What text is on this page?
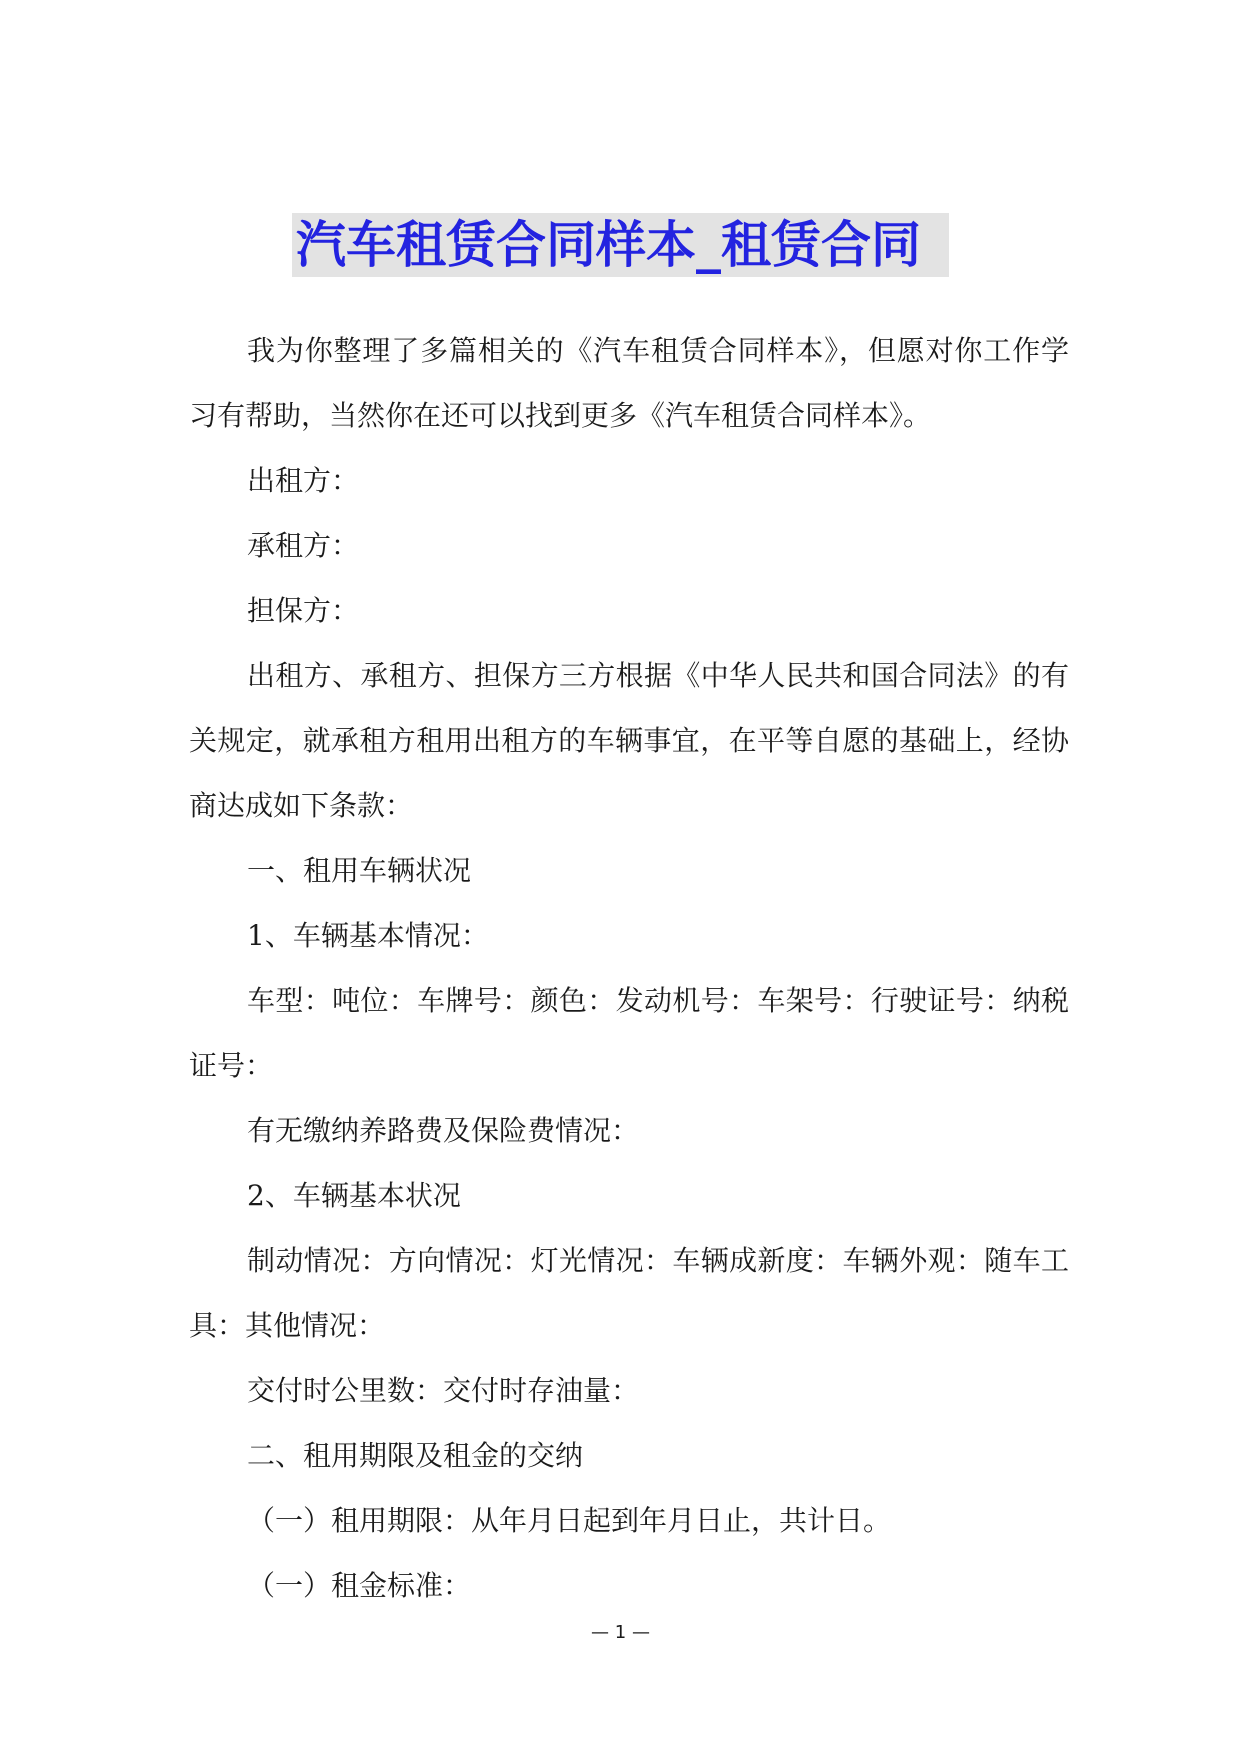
汽车租赁合同样本_租赁合同

我为你整理了多篇相关的《汽车租赁合同样本》，但愿对你工作学习有帮助，当然你在还可以找到更多《汽车租赁合同样本》。

出租方：

承租方：

担保方：

出租方、承租方、担保方三方根据《中华人民共和国合同法》的有关规定，就承租方租用出租方的车辆事宜，在平等自愿的基础上，经协商达成如下条款：

一、租用车辆状况

1、车辆基本情况：

车型：吨位：车牌号：颜色：发动机号：车架号：行驶证号：纳税证号：

有无缴纳养路费及保险费情况：

2、车辆基本状况

制动情况：方向情况：灯光情况：车辆成新度：车辆外观：随车工具：其他情况：

交付时公里数：交付时存油量：

二、租用期限及租金的交纳

（一）租用期限：从年月日起到年月日止，共计日。

（一）租金标准：

— 1 —
